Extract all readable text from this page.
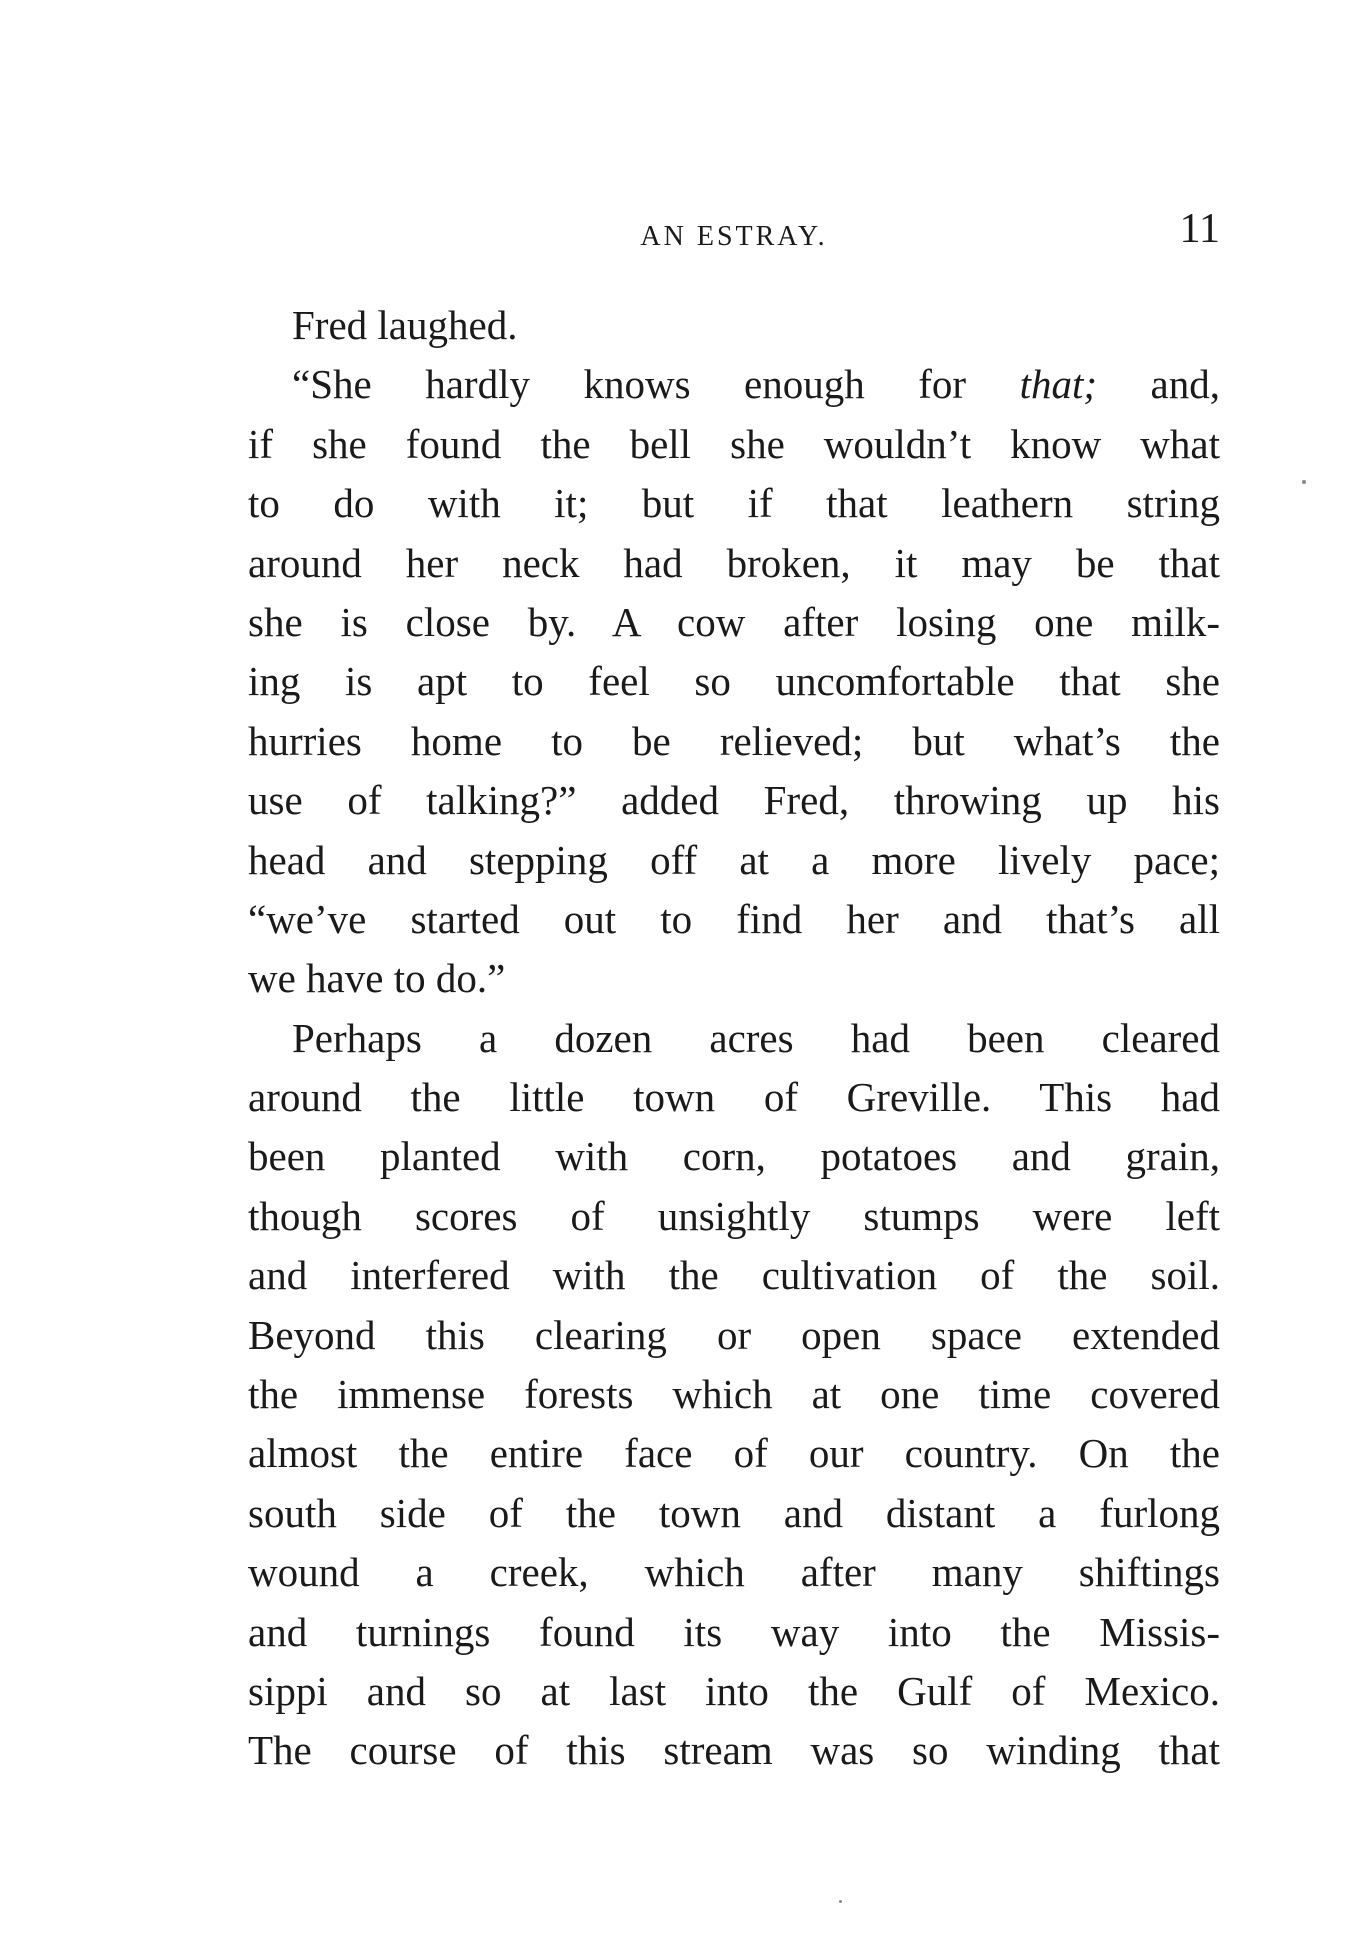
AN ESTRAY.	11
Fred laughed.
“She hardly knows enough for that; and,
if she found the bell she wouldn’t know what
to do with it; but if that leathern string
around her neck had broken, it may be that
she is close by. A cow after losing one milk-
ing is apt to feel so uncomfortable that she
hurries home to be relieved; but what’s the
use of talking?” added Fred, throwing up his
head and stepping off at a more lively pace;
“we’ve started out to find her and that’s all
we have to do.”
Perhaps a dozen acres had been cleared
around the little town of Greville. This had
been planted with corn, potatoes and grain,
though scores of unsightly stumps were left
and interfered with the cultivation of the soil.
Beyond this clearing or open space extended
the immense forests which at one time covered
almost the entire face of our country. On the
south side of the town and distant a furlong
wound a creek, which after many shiftings
and turnings found its way into the Missis-
sippi and so at last into the Gulf of Mexico.
The course of this stream was so winding that
